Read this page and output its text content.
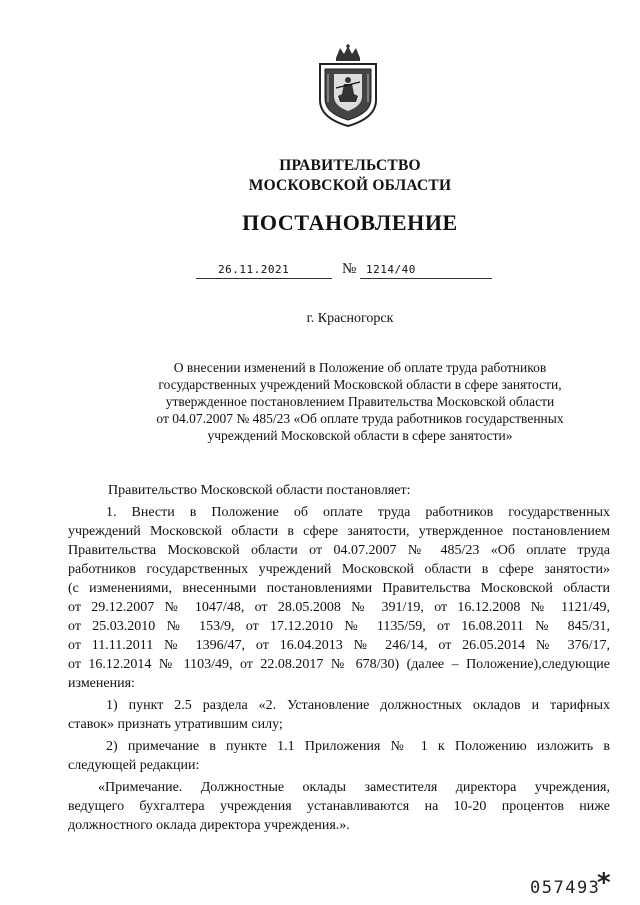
ПРАВИТЕЛЬСТВО
МОСКОВСКОЙ ОБЛАСТИ
ПОСТАНОВЛЕНИЕ
26.11.2021	№ 1214/40
г. Красногорск
О внесении изменений в Положение об оплате труда работников
государственных учреждений Московской области в сфере занятости,
утвержденное постановлением Правительства Московской области
от 04.07.2007 № 485/23 «Об оплате труда работников государственных
учреждений Московской области в сфере занятости»
Правительство Московской области постановляет:
1. Внести в Положение об оплате труда работников государственных
учреждений Московской области в сфере занятости, утвержденное постановлением
Правительства Московской области от 04.07.2007 № 485/23 «Об оплате труда
работников государственных учреждений Московской области в сфере занятости»
(с изменениями, внесенными постановлениями Правительства Московской области
от 29.12.2007 № 1047/48, от 28.05.2008 № 391/19, от 16.12.2008 № 1121/49,
от 25.03.2010 № 153/9, от 17.12.2010 № 1135/59, от 16.08.2011 № 845/31,
от 11.11.2011 № 1396/47, от 16.04.2013 № 246/14, от 26.05.2014 № 376/17,
от 16.12.2014 № 1103/49, от 22.08.2017 № 678/30) (далее – Положение),следующие
изменения:
1) пункт 2.5 раздела «2. Установление должностных окладов и тарифных
ставок» признать утратившим силу;
2) примечание в пункте 1.1 Приложения № 1 к Положению изложить в
следующей редакции:
«Примечание. Должностные оклады заместителя директора учреждения,
ведущего бухгалтера учреждения устанавливаются на 10-20 процентов ниже
должностного оклада директора учреждения.».
057493
*
